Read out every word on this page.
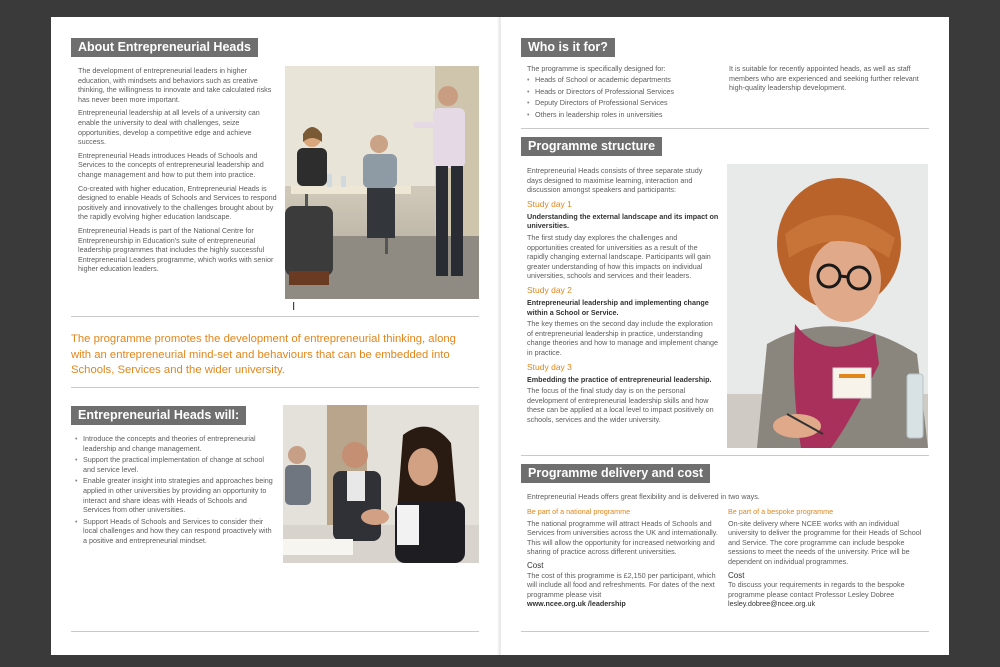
About Entrepreneurial Heads

The development of entrepreneurial leaders in higher education, with mindsets and behaviors such as creative thinking, the willingness to innovate and take calculated risks has never been more important.

Entrepreneurial leadership at all levels of a university can enable the university to deal with challenges, seize opportunities, develop a competitive edge and achieve success.

Entrepreneurial Heads introduces Heads of Schools and Services to the concepts of entrepreneurial leadership and change management and how to put them into practice.

Co-created with higher education, Entrepreneurial Heads is designed to enable Heads of Schools and Services to respond positively and innovatively to the challenges brought about by the rapidly evolving higher education landscape.

Entrepreneurial Heads is part of the National Centre for Entrepreneurship in Education's suite of entrepreneurial leadership programmes that includes the highly successful Entrepreneurial Leaders programme, which works with senior higher education leaders.

I
The programme promotes the development of entrepreneurial thinking, along with an entrepreneurial mind-set and behaviours that can be embedded into Schools, Services and the wider university.
Entrepreneurial Heads will:
• Introduce the concepts and theories of entrepreneurial leadership and change management.
• Support the practical implementation of change at school and service level.
• Enable greater insight into strategies and approaches being applied in other universities by providing an opportunity to interact and share ideas with Heads of Schools and Services from other universities.
• Support Heads of Schools and Services to consider their local challenges and how they can respond proactively with a positive and entrepreneurial mindset.
Who is it for?
The programme is specifically designed for:
• Heads of School or academic departments
• Heads or Directors of Professional Services
• Deputy Directors of Professional Services
• Others in leadership roles in universities
It is suitable for recently appointed heads, as well as staff members who are experienced and seeking further relevant high-quality leadership development.
Programme structure

Entrepreneurial Heads consists of three separate study days designed to maximise learning, interaction and discussion amongst speakers and participants:

Study day 1
Understanding the external landscape and its impact on universities.

The first study day explores the challenges and opportunities created for universities as a result of the rapidly changing external landscape. Participants will gain greater understanding of how this impacts on individual universities, schools and services and their leaders.

Study day 2
Entrepreneurial leadership and implementing change within a School or Service.

The key themes on the second day include the exploration of entrepreneurial leadership in practice, understanding change theories and how to manage and implement change in practice.

Study day 3
Embedding the practice of entrepreneurial leadership.

The focus of the final study day is on the personal development of entrepreneurial leadership skills and how these can be applied at a local level to impact positively on schools, services and the wider university.

Programme delivery and cost
Entrepreneurial Heads offers great flexibility and is delivered in two ways.
Be part of a national programme

The national programme will attract Heads of Schools and Services from universities across the UK and internationally. This will allow the opportunity for increased networking and sharing of practice across different universities.

Cost
The cost of this programme is £2,150 per participant, which will include all food and refreshments. For dates of the next programme please visit
www.ncee.org.uk /leadership
Be part of a bespoke programme

On-site delivery where NCEE works with an individual university to deliver the programme for their Heads of School and Service. The core programme can include bespoke sessions to meet the needs of the university. Price will be dependent on individual programmes.

Cost
To discuss your requirements in regards to the bespoke programme please contact Professor Lesley Dobree
lesley.dobree@ncee.org.uk
